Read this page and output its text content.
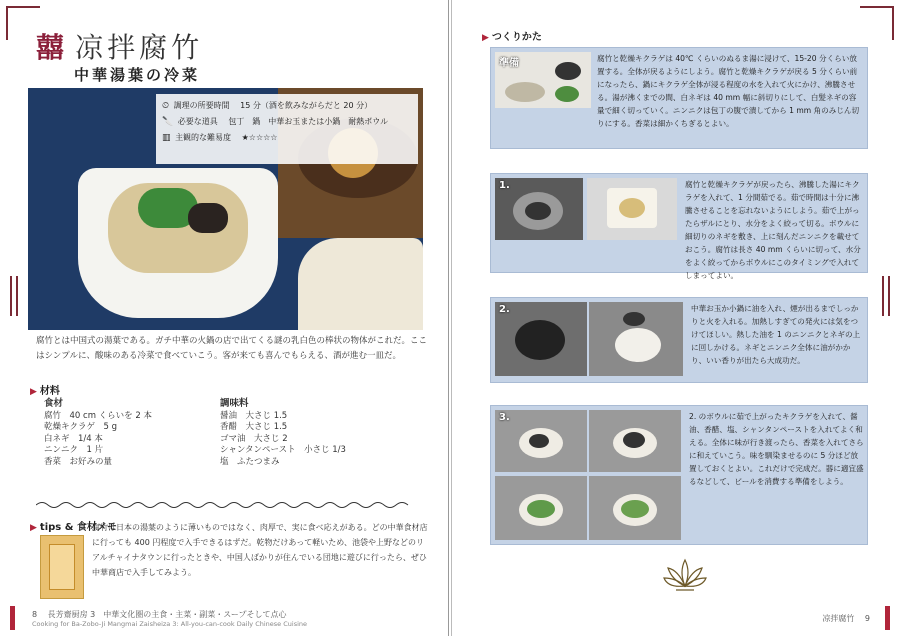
囍 凉拌腐竹
中華湯葉の冷菜
⏲ 調理の所要時間　 15 分（酒を飲みながらだと 20 分）
🔪 必要な道具　 包丁　鍋　中華お玉または小鍋　耐熱ボウル
▥ 主観的な難易度　 ★☆☆☆☆
腐竹とは中国式の湯葉である。ガチ中華の火鍋の店で出てくる謎の乳白色の棒状の物体がこれだ。ここはシンプルに、酸味のある冷菜で食べていこう。客が来ても喜んでもらえる、酒が進む一皿だ。
▶ 材料
食材
腐竹　40 cm くらいを 2 本
乾燥キクラゲ　5 g
白ネギ　1/4 本
ニンニク　1 片
香菜　お好みの量
調味料
醤油　大さじ 1.5
香醋　大さじ 1.5
ゴマ油　大さじ 2
シャンタンペースト　小さじ 1/3
塩　ふたつまみ
▶ tips & 食材メモ
腐竹は日本の湯葉のように薄いものではなく、肉厚で、実に食べ応えがある。どの中華食材店に行っても 400 円程度で入手できるはずだ。乾物だけあって軽いため、池袋や上野などのリアルチャイナタウンに行ったときや、中国人ばかりが住んでいる団地に遊びに行ったら、ぜひ中華商店で入手してみよう。
8　 長芳齋厨房 3　中華文化圏の主食・主菜・副菜・スープそして点心
Cooking for Ba-Zobo-Ji Mangmai Zaisheiza 3: All-you-can-cook Daily Chinese Cuisine
▶ つくりかた
準備	腐竹と乾燥キクラゲは 40℃ くらいのぬるま湯に浸けて、15-20 分くらい放置する。全体が戻るようにしよう。腐竹と乾燥キクラゲが戻る 5 分くらい前になったら、鍋にキクラゲ全体が浸る程度の水を入れて火にかけ、沸騰させる。湯が沸くまでの間、白ネギは 40 mm 幅に斜切りにして、白髪ネギの容量で細く切っていく。ニンニクは包丁の腹で潰してから 1 mm 角のみじん切りにする。香菜は細かくちぎるとよい。
1.	腐竹と乾燥キクラゲが戻ったら、沸騰した湯にキクラゲを入れて、1 分間茹でる。茹で時間は十分に沸騰させることを忘れないようにしよう。茹で上がったらザルにとり、水分をよく絞って切る。ボウルに細切りのネギを敷き、上に刻んだニンニクを載せておこう。腐竹は長さ 40 mm くらいに切って、水分をよく絞ってからボウルにこのタイミングで入れてしまってよい。
2.	中華お玉か小鍋に油を入れ、煙が出るまでしっかりと火を入れる。加熱しすぎての発火には気をつけてほしい。熱した油を 1 のニンニクとネギの上に回しかける。ネギとニンニク全体に油がかかり、いい香りが出たら大成功だ。
3.	2. のボウルに茹で上がったキクラゲを入れて、醤油、香醋、塩、シャンタンペーストを入れてよく和える。全体に味が行き渡ったら、香菜を入れてさらに和えていこう。味を馴染ませるのに 5 分ほど放置しておくとよい。これだけで完成だ。器に適宜盛るなどして、ビールを消費する準備をしよう。
凉拌腐竹　 9
